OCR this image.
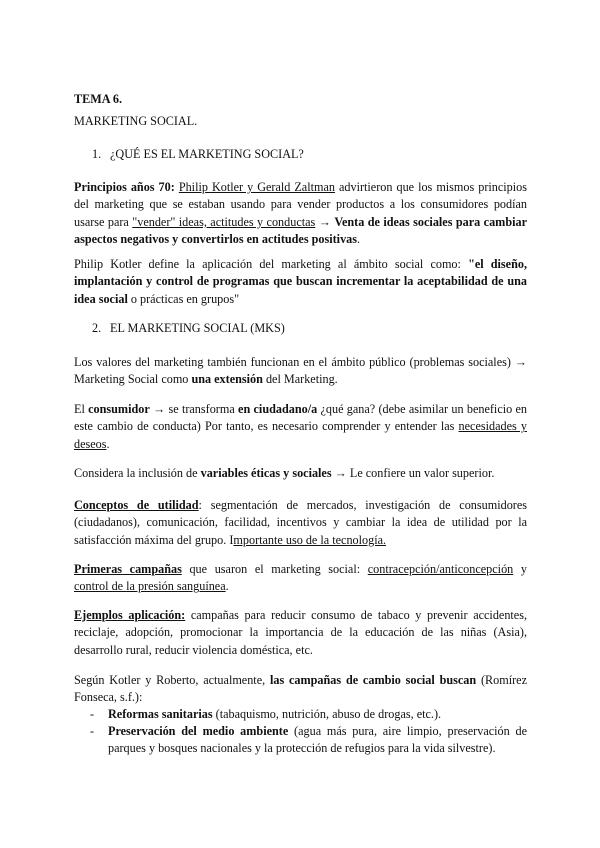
TEMA 6.

MARKETING SOCIAL.

1. ¿QUÉ ES EL MARKETING SOCIAL?

Principios años 70: Philip Kotler y Gerald Zaltman advirtieron que los mismos principios del marketing que se estaban usando para vender productos a los consumidores podían usarse para "vender" ideas, actitudes y conductas → Venta de ideas sociales para cambiar aspectos negativos y convertirlos en actitudes positivas.

Philip Kotler define la aplicación del marketing al ámbito social como: "el diseño, implantación y control de programas que buscan incrementar la aceptabilidad de una idea social o prácticas en grupos"

2. EL MARKETING SOCIAL (MKS)

Los valores del marketing también funcionan en el ámbito público (problemas sociales) → Marketing Social como una extensión del Marketing.

El consumidor → se transforma en ciudadano/a ¿qué gana? (debe asimilar un beneficio en este cambio de conducta) Por tanto, es necesario comprender y entender las necesidades y deseos.

Considera la inclusión de variables éticas y sociales → Le confiere un valor superior.

Conceptos de utilidad: segmentación de mercados, investigación de consumidores (ciudadanos), comunicación, facilidad, incentivos y cambiar la idea de utilidad por la satisfacción máxima del grupo. Importante uso de la tecnología.

Primeras campañas que usaron el marketing social: contracepción/anticoncepción y control de la presión sanguínea.

Ejemplos aplicación: campañas para reducir consumo de tabaco y prevenir accidentes, reciclaje, adopción, promocionar la importancia de la educación de las niñas (Asia), desarrollo rural, reducir violencia doméstica, etc.

Según Kotler y Roberto, actualmente, las campañas de cambio social buscan (Romírez Fonseca, s.f.):

- Reformas sanitarias (tabaquismo, nutrición, abuso de drogas, etc.).

- Preservación del medio ambiente (agua más pura, aire limpio, preservación de parques y bosques nacionales y la protección de refugios para la vida silvestre).
